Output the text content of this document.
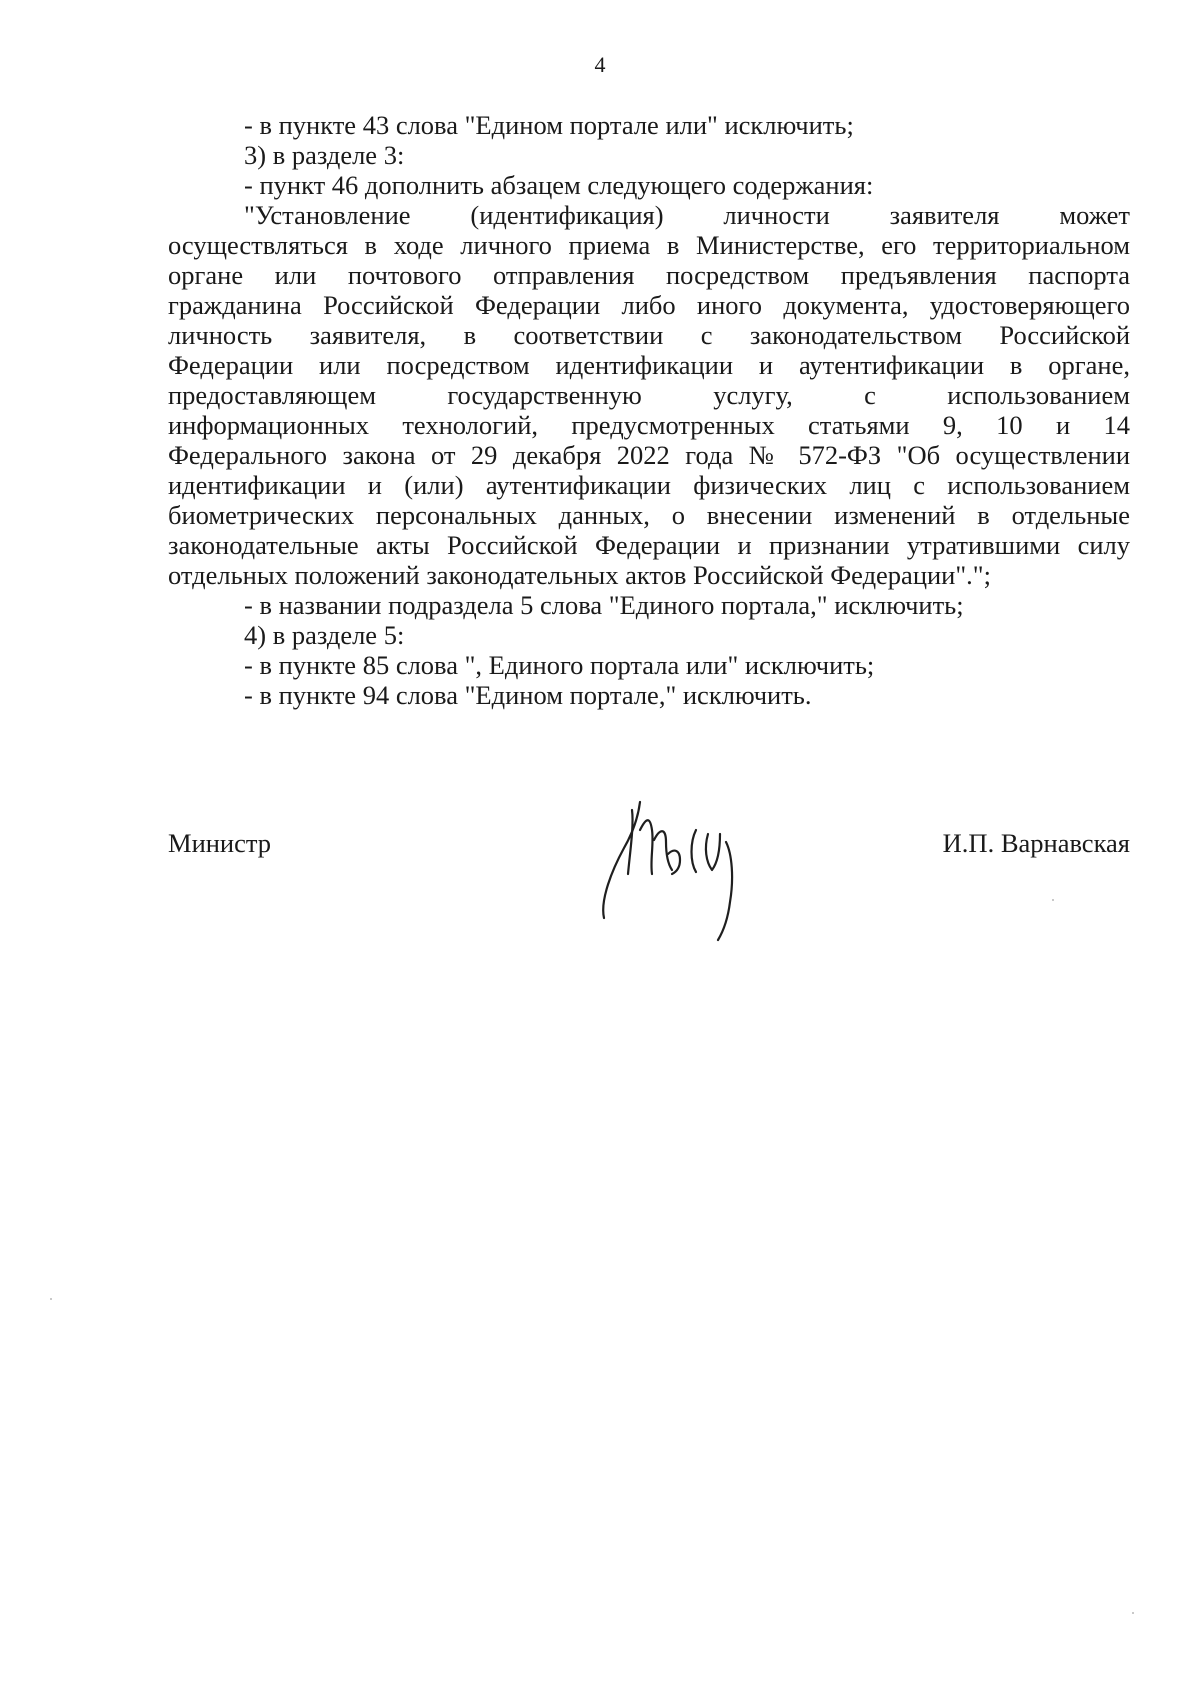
4
- в пункте 43 слова "Едином портале или" исключить;
3) в разделе 3:
- пункт 46 дополнить абзацем следующего содержания:
"Установление (идентификация) личности заявителя может
осуществляться в ходе личного приема в Министерстве, его территориальном
органе или почтового отправления посредством предъявления паспорта
гражданина Российской Федерации либо иного документа, удостоверяющего
личность заявителя, в соответствии с законодательством Российской
Федерации или посредством идентификации и аутентификации в органе,
предоставляющем государственную услугу, с использованием
информационных технологий, предусмотренных статьями 9, 10 и 14
Федерального закона от 29 декабря 2022 года № 572-ФЗ "Об осуществлении
идентификации и (или) аутентификации физических лиц с использованием
биометрических персональных данных, о внесении изменений в отдельные
законодательные акты Российской Федерации и признании утратившими силу
отдельных положений законодательных актов Российской Федерации".";
- в названии подраздела 5 слова "Единого портала," исключить;
4) в разделе 5:
- в пункте 85 слова ", Единого портала или" исключить;
- в пункте 94 слова "Едином портале," исключить.
Министр	И.П. Варнавская
